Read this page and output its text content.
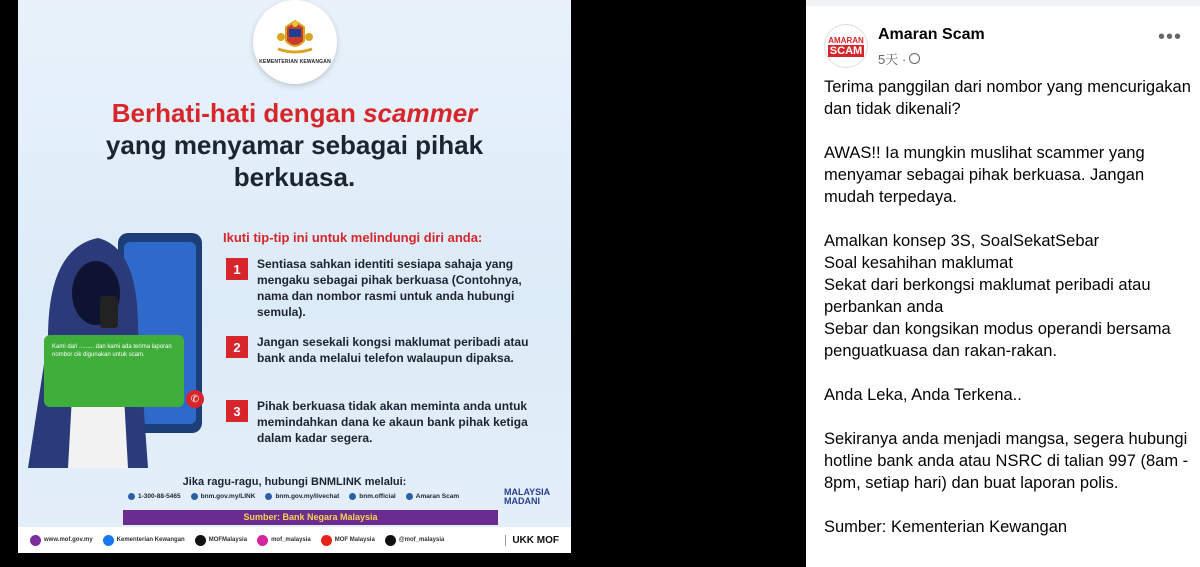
KEMENTERIAN KEWANGAN
Berhati-hati dengan scammer
yang menyamar sebagai pihak
berkuasa.
Kami dari ......... dan kami ada terima laporan nombor cik digunakan untuk scam.
✆
Ikuti tip-tip ini untuk melindungi diri anda:
1	Sentiasa sahkan identiti sesiapa sahaja yang mengaku sebagai pihak berkuasa (Contohnya, nama dan nombor rasmi untuk anda hubungi semula).
2	Jangan sesekali kongsi maklumat peribadi atau bank anda melalui telefon walaupun dipaksa.
3	Pihak berkuasa tidak akan meminta anda untuk memindahkan dana ke akaun bank pihak ketiga dalam kadar segera.
Jika ragu-ragu, hubungi BNMLINK melalui:
1-300-88-5465	bnm.gov.my/LINK	bnm.gov.my/livechat	bnm.official	Amaran Scam	MALAYSIA MADANI
Sumber: Bank Negara Malaysia
www.mof.gov.my	Kementerian Kewangan	MOFMalaysia	mof_malaysia	MOF Malaysia	@mof_malaysia	UKK MOF
AMARAN
SCAM
Amaran Scam
5天 ·
•••

Terima panggilan dari nombor yang mencurigakan dan tidak dikenali?

AWAS!! Ia mungkin muslihat scammer yang menyamar sebagai pihak berkuasa. Jangan mudah terpedaya.

Amalkan konsep 3S, SoalSekatSebar

Soal kesahihan maklumat

Sekat dari berkongsi maklumat peribadi atau perbankan anda

Sebar dan kongsikan modus operandi bersama penguatkuasa dan rakan-rakan.

Anda Leka, Anda Terkena..

Sekiranya anda menjadi mangsa, segera hubungi hotline bank anda atau NSRC di talian 997 (8am - 8pm, setiap hari) dan buat laporan polis.

Sumber: Kementerian Kewangan
